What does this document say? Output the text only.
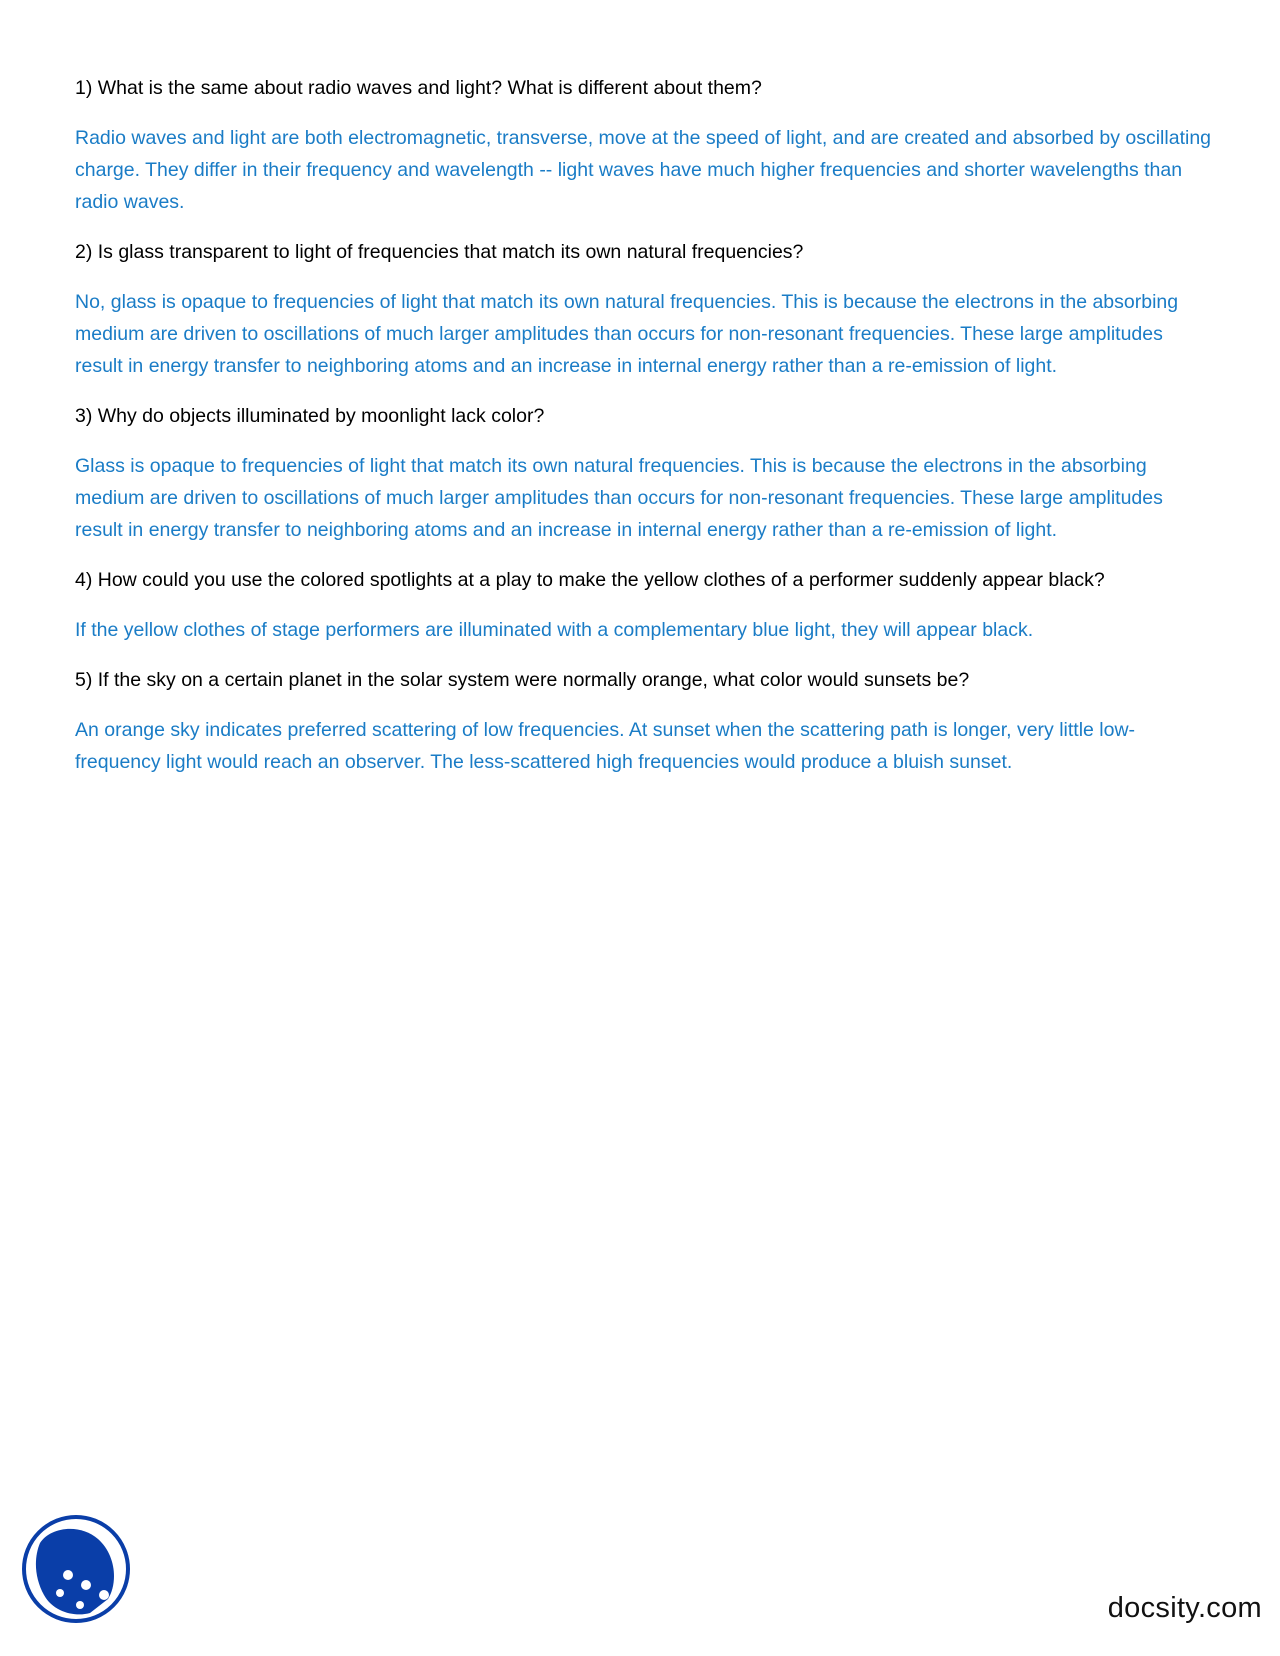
1) What is the same about radio waves and light? What is different about them?

Radio waves and light are both electromagnetic, transverse, move at the speed of light, and are created and absorbed by oscillating charge. They differ in their frequency and wavelength -- light waves have much higher frequencies and shorter wavelengths than radio waves.

2) Is glass transparent to light of frequencies that match its own natural frequencies?

No, glass is opaque to frequencies of light that match its own natural frequencies. This is because the electrons in the absorbing medium are driven to oscillations of much larger amplitudes than occurs for non-resonant frequencies. These large amplitudes result in energy transfer to neighboring atoms and an increase in internal energy rather than a re-emission of light.

3) Why do objects illuminated by moonlight lack color?

Glass is opaque to frequencies of light that match its own natural frequencies. This is because the electrons in the absorbing medium are driven to oscillations of much larger amplitudes than occurs for non-resonant frequencies. These large amplitudes result in energy transfer to neighboring atoms and an increase in internal energy rather than a re-emission of light.

4) How could you use the colored spotlights at a play to make the yellow clothes of a performer suddenly appear black?

If the yellow clothes of stage performers are illuminated with a complementary blue light, they will appear black.

5) If the sky on a certain planet in the solar system were normally orange, what color would sunsets be?

An orange sky indicates preferred scattering of low frequencies. At sunset when the scattering path is longer, very little low-frequency light would reach an observer. The less-scattered high frequencies would produce a bluish sunset.

docsity.com
